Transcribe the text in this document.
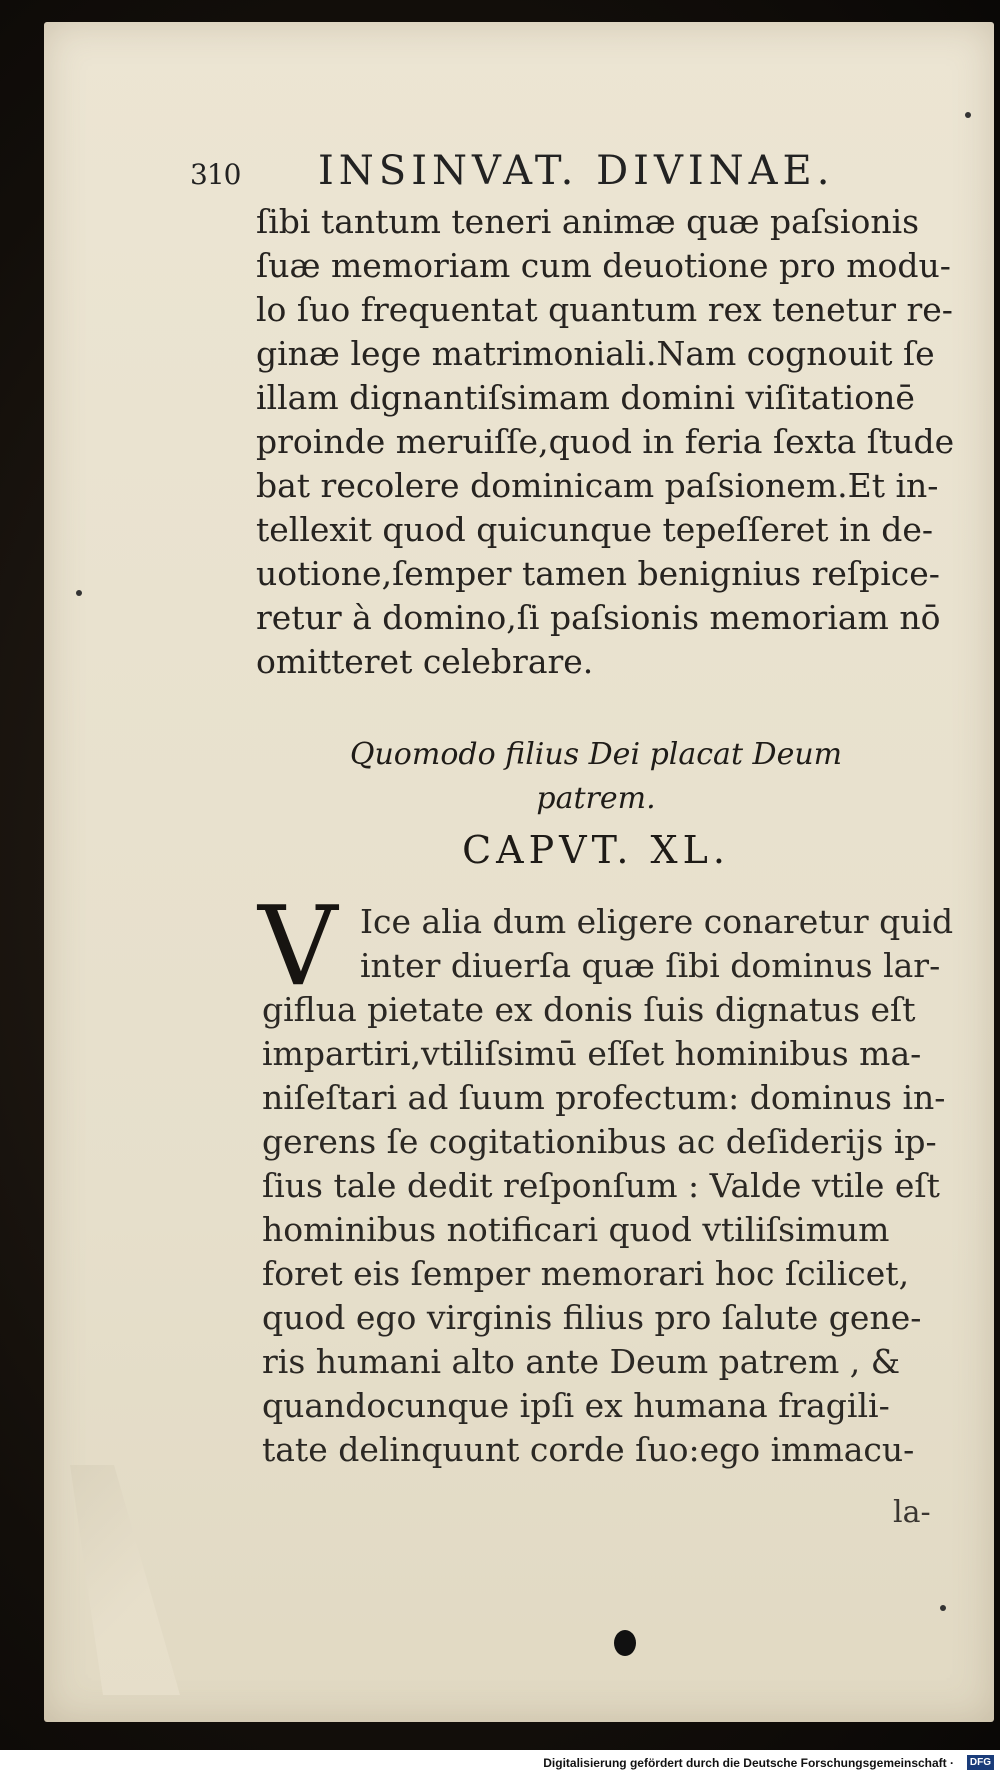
310 INSINVAT. DIVINAE.
ſibi tantum teneri animæ quæ paſsionis
ſuæ memoriam cum deuotione pro modu-
lo ſuo frequentat quantum rex tenetur re-
ginæ lege matrimoniali.Nam cognouit ſe
illam dignantiſsimam domini viſitationē
proinde meruiſſe,quod in feria ſexta ſtude
bat recolere dominicam paſsionem.Et in-
tellexit quod quicunque tepeſſeret in de-
uotione,ſemper tamen benignius reſpice-
retur à domino,ſi paſsionis memoriam nō
omitteret celebrare.
Quomodo filius Dei placat Deum
patrem.
CAPVT. XL.
V Ice alia dum eligere conaretur quid
inter diuerſa quæ ſibi dominus lar-
giflua pietate ex donis ſuis dignatus eſt
impartiri,vtiliſsimū eſſet hominibus ma-
niſeſtari ad ſuum profectum: dominus in-
gerens ſe cogitationibus ac deſiderijs ip-
ſius tale dedit reſponſum : Valde vtile eſt
hominibus notificari quod vtiliſsimum
foret eis ſemper memorari hoc ſcilicet,
quod ego virginis filius pro ſalute gene-
ris humani alto ante Deum patrem , &
quandocunque ipſi ex humana fragili-
tate delinquunt corde ſuo:ego immacu-
la-
Digitalisierung gefördert durch die Deutsche Forschungsgemeinschaft ·	DFG
